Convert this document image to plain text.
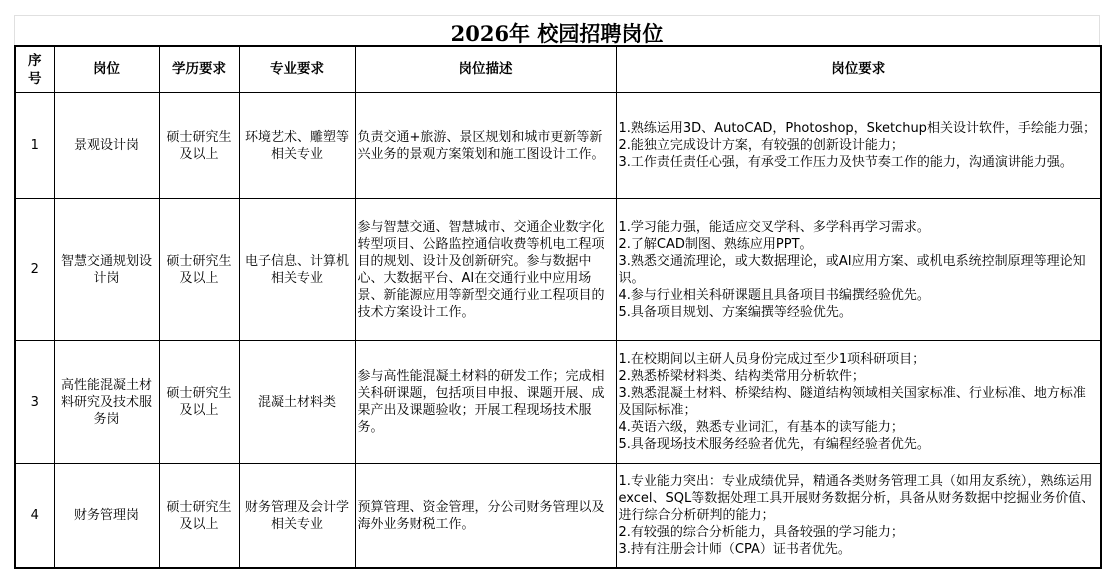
2026年 校园招聘岗位
序号	岗位	学历要求	专业要求	岗位描述	岗位要求
1	景观设计岗	硕士研究生及以上	环境艺术、雕塑等相关专业	负责交通+旅游、景区规划和城市更新等新兴业务的景观方案策划和施工图设计工作。	1.熟练运用3D、AutoCAD，Photoshop，Sketchup相关设计软件，手绘能力强；
2.能独立完成设计方案，有较强的创新设计能力；
3.工作责任责任心强，有承受工作压力及快节奏工作的能力，沟通演讲能力强。

2	智慧交通规划设计岗	硕士研究生及以上	电子信息、计算机相关专业	参与智慧交通、智慧城市、交通企业数字化转型项目、公路监控通信收费等机电工程项目的规划、设计及创新研究。参与数据中心、大数据平台、AI在交通行业中应用场景、新能源应用等新型交通行业工程项目的技术方案设计工作。	1.学习能力强，能适应交叉学科、多学科再学习需求。
2.了解CAD制图、熟练应用PPT。
3.熟悉交通流理论，或大数据理论，或AI应用方案、或机电系统控制原理等理论知识。
4.参与行业相关科研课题且具备项目书编撰经验优先。
5.具备项目规划、方案编撰等经验优先。

3	高性能混凝土材料研究及技术服务岗	硕士研究生及以上	混凝土材料类	参与高性能混凝土材料的研发工作；完成相关科研课题，包括项目申报、课题开展、成果产出及课题验收；开展工程现场技术服务。	1.在校期间以主研人员身份完成过至少1项科研项目；
2.熟悉桥梁材料类、结构类常用分析软件；
3.熟悉混凝土材料、桥梁结构、隧道结构领域相关国家标准、行业标准、地方标准及国际标准；
4.英语六级，熟悉专业词汇，有基本的读写能力；
5.具备现场技术服务经验者优先，有编程经验者优先。

4	财务管理岗	硕士研究生及以上	财务管理及会计学相关专业	预算管理、资金管理，分公司财务管理以及海外业务财税工作。	1.专业能力突出：专业成绩优异，精通各类财务管理工具（如用友系统），熟练运用 excel、SQL等数据处理工具开展财务数据分析，具备从财务数据中挖掘业务价值、进行综合分析研判的能力；
2.有较强的综合分析能力，具备较强的学习能力；
3.持有注册会计师（CPA）证书者优先。
